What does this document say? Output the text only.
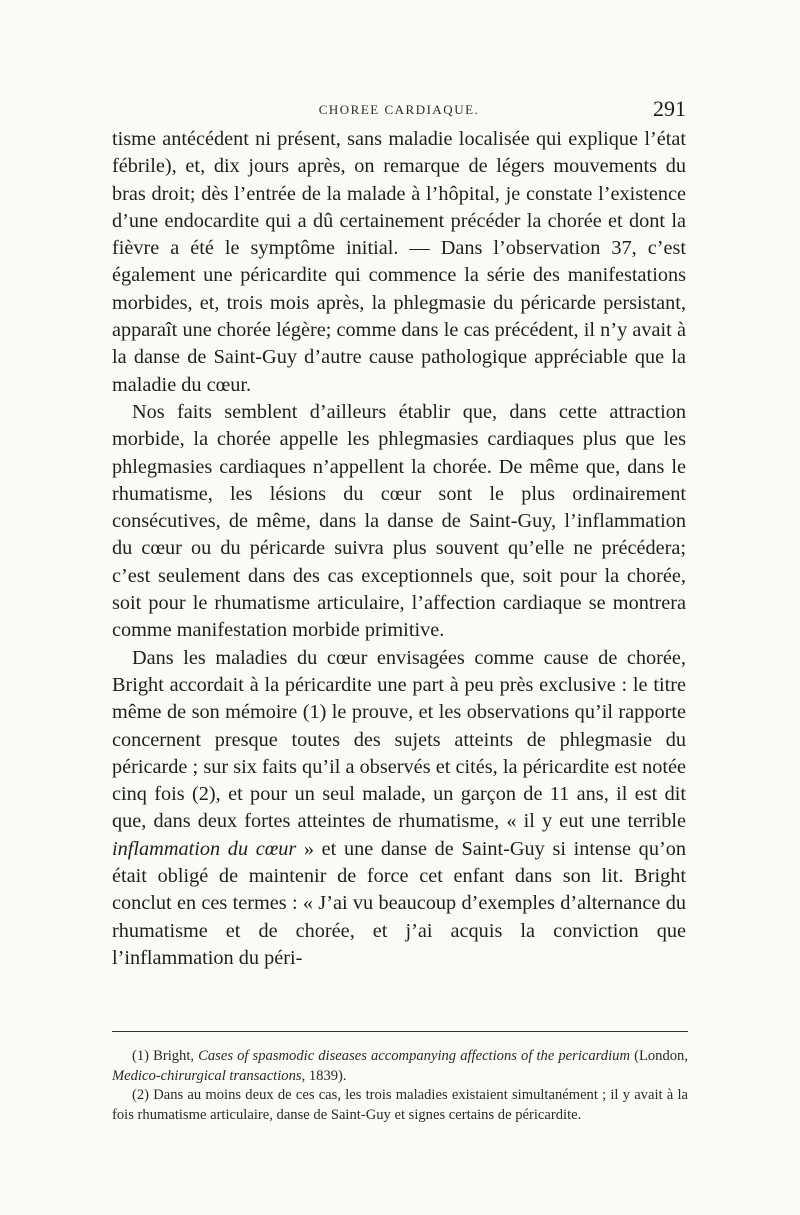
CHOREE CARDIAQUE.	291

tisme antécédent ni présent, sans maladie localisée qui explique l’état fébrile), et, dix jours après, on remarque de légers mouvements du bras droit; dès l’entrée de la malade à l’hôpital, je constate l’existence d’une endocardite qui a dû certainement précéder la chorée et dont la fièvre a été le symptôme initial. — Dans l’observation 37, c’est également une péricardite qui commence la série des manifestations morbides, et, trois mois après, la phlegmasie du péricarde persistant, apparaît une chorée légère; comme dans le cas précédent, il n’y avait à la danse de Saint-Guy d’autre cause pathologique appréciable que la maladie du cœur.

Nos faits semblent d’ailleurs établir que, dans cette attraction morbide, la chorée appelle les phlegmasies cardiaques plus que les phlegmasies cardiaques n’appellent la chorée. De même que, dans le rhumatisme, les lésions du cœur sont le plus ordinairement consécutives, de même, dans la danse de Saint-Guy, l’inflammation du cœur ou du péricarde suivra plus souvent qu’elle ne précédera; c’est seulement dans des cas exceptionnels que, soit pour la chorée, soit pour le rhumatisme articulaire, l’affection cardiaque se montrera comme manifestation morbide primitive.

Dans les maladies du cœur envisagées comme cause de chorée, Bright accordait à la péricardite une part à peu près exclusive : le titre même de son mémoire (1) le prouve, et les observations qu’il rapporte concernent presque toutes des sujets atteints de phlegmasie du péricarde ; sur six faits qu’il a observés et cités, la péricardite est notée cinq fois (2), et pour un seul malade, un garçon de 11 ans, il est dit que, dans deux fortes atteintes de rhumatisme, « il y eut une terrible inflammation du cœur » et une danse de Saint-Guy si intense qu’on était obligé de maintenir de force cet enfant dans son lit. Bright conclut en ces termes : « J’ai vu beaucoup d’exemples d’alternance du rhumatisme et de chorée, et j’ai acquis la conviction que l’inflammation du péri-

(1) Bright, Cases of spasmodic diseases accompanying affections of the pericardium (London, Medico-chirurgical transactions, 1839).

(2) Dans au moins deux de ces cas, les trois maladies existaient simultanément ; il y avait à la fois rhumatisme articulaire, danse de Saint-Guy et signes certains de péricardite.
